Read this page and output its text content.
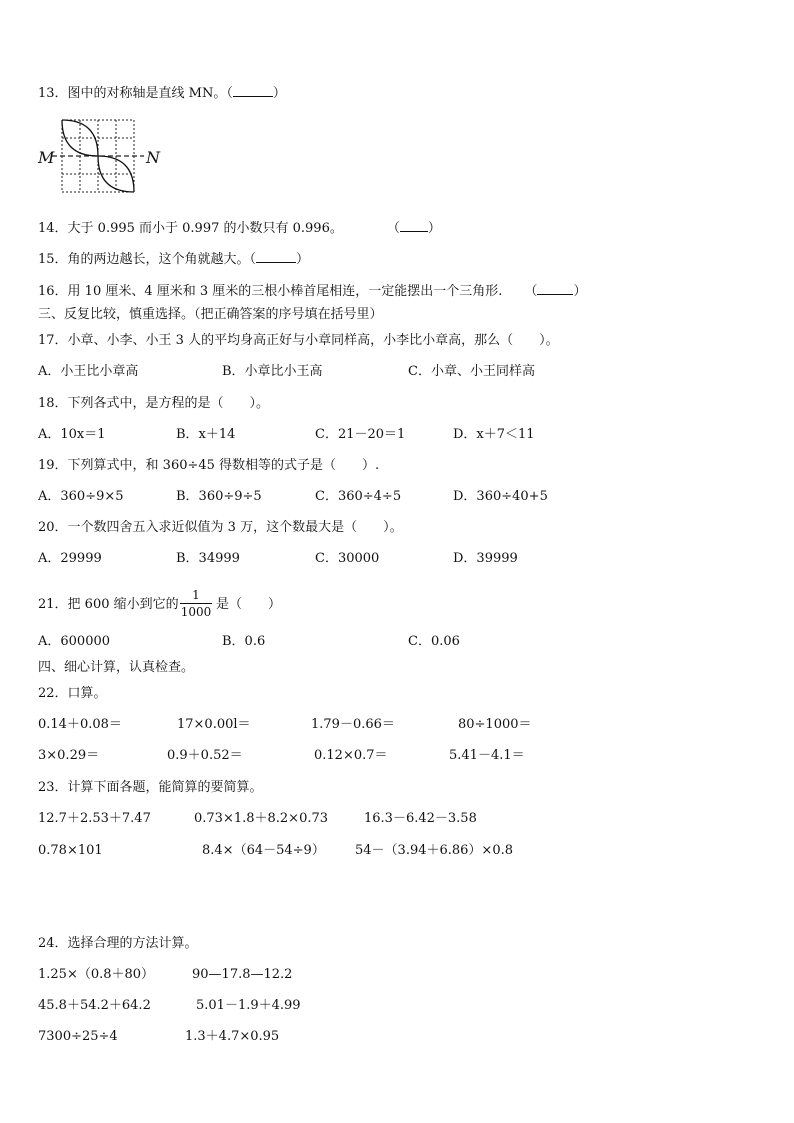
13．图中的对称轴是直线 MN。（	）
M	N
14．大于 0.995 而小于 0.997 的小数只有 0.996。	（ ）
15．角的两边越长，这个角就越大。（	）
16．用 10 厘米、4 厘米和 3 厘米的三根小棒首尾相连，一定能摆出一个三角形. （	）
三、反复比较，慎重选择。（把正确答案的序号填在括号里）
17．小章、小李、小王 3 人的平均身高正好与小章同样高，小李比小章高，那么（　　）。
A．小王比小章高	B．小章比小王高	C．小章、小王同样高
18．下列各式中，是方程的是（　　）。
A．10x＝1	B．x＋14	C．21－20＝1	D．x＋7＜11
19．下列算式中，和 360÷45 得数相等的式子是（　　）.
A．360÷9×5	B．360÷9÷5	C．360÷4÷5	D．360÷40+5
20．一个数四舍五入求近似值为 3 万，这个数最大是（　　）。
A．29999	B．34999	C．30000	D．39999
21．把 600 缩小到它的
1
1000 是（　　）
A．600000	B．0.6	C．0.06
四、细心计算，认真检查。
22．口算。
0.14＋0.08＝	17×0.00l＝	1.79－0.66＝	80÷1000＝
3×0.29＝	0.9＋0.52＝	0.12×0.7＝	5.41－4.1＝
23．计算下面各题，能简算的要简算。
12.7＋2.53＋7.47	0.73×1.8＋8.2×0.73	16.3－6.42－3.58
0.78×101	8.4×（64－54÷9） 54－（3.94＋6.86）×0.8
24．选择合理的方法计算。
1.25×（0.8＋80）	90—17.8—12.2
45.8＋54.2＋64.2	5.01－1.9＋4.99
7300÷25÷4	1.3＋4.7×0.95
